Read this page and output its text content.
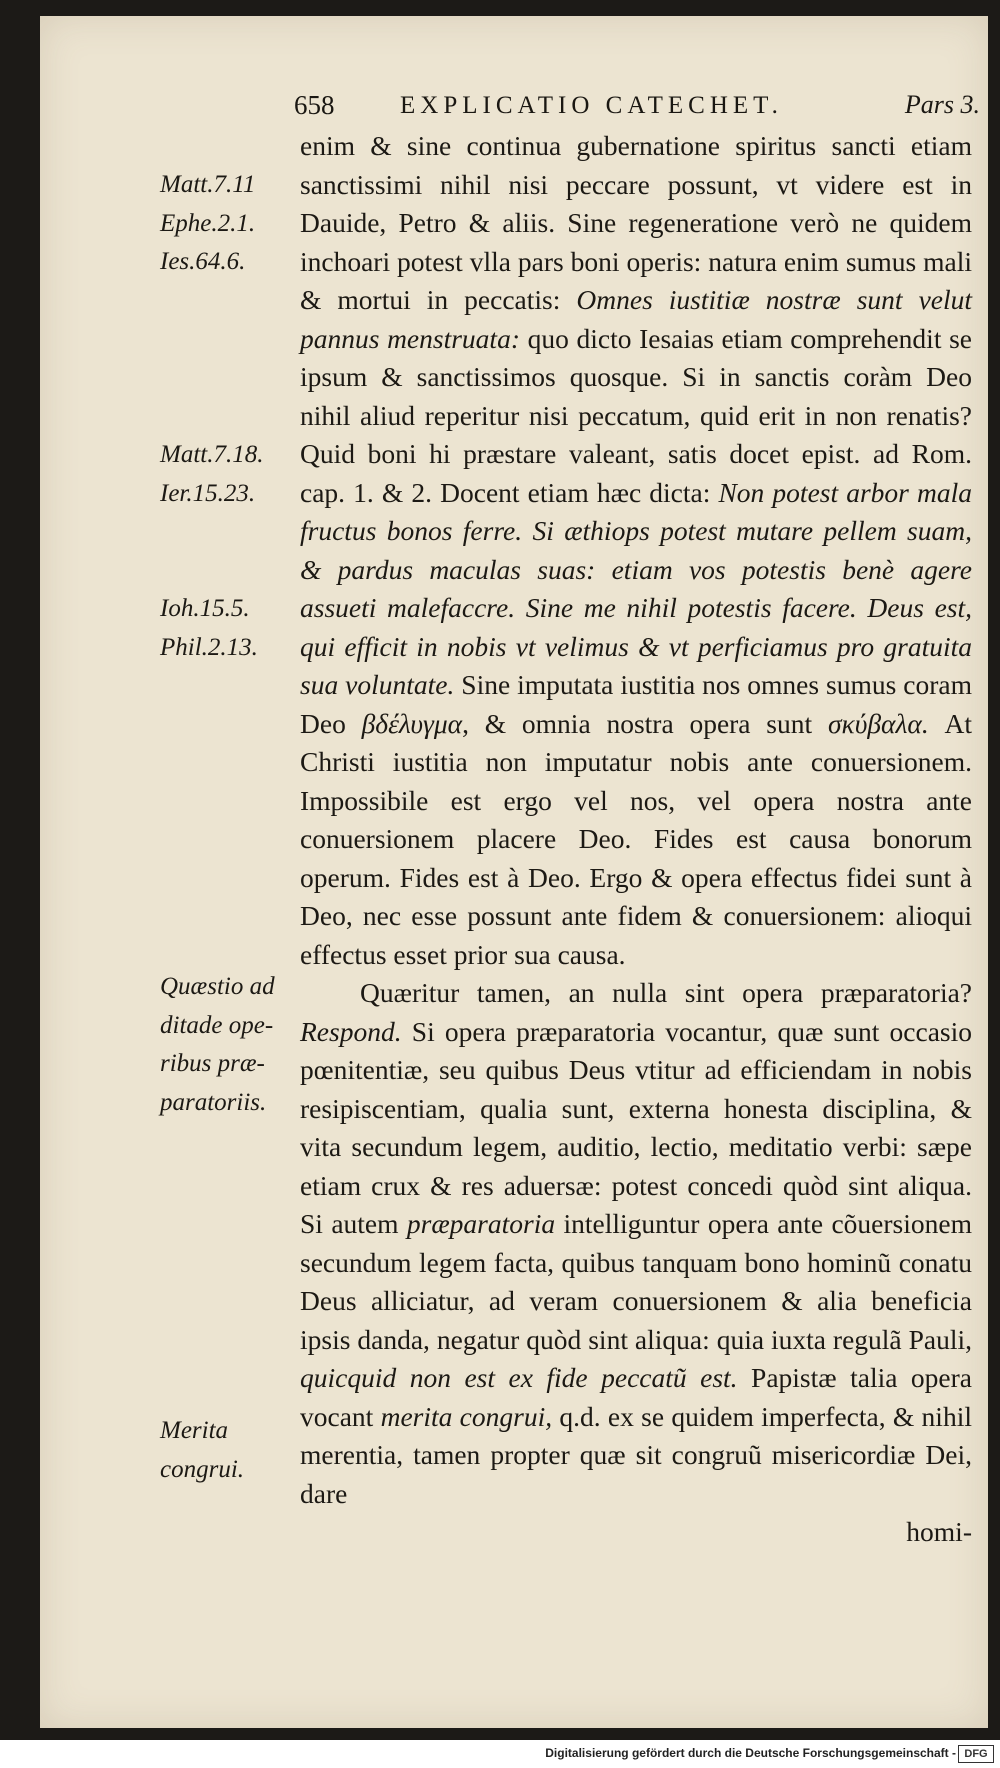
658	EXPLICATIO CATECHET.	Pars 3.
Matt.7.11
Ephe.2.1.
Ies.64.6.
Matt.7.18.
Ier.15.23.
Ioh.15.5.
Phil.2.13.
Quæstio ad
ditade ope-
ribus præ-
paratoriis.
Merita
congrui.

enim & sine continua gubernatione spiritus sancti etiam sanctissimi nihil nisi peccare possunt, vt videre est in Dauide, Petro & aliis. Sine regeneratione verò ne quidem inchoari potest vlla pars boni operis: natura enim sumus mali & mortui in peccatis: Omnes iustitiæ nostræ sunt velut pannus menstruata: quo dicto Iesaias etiam comprehendit se ipsum & sanctissimos quosque. Si in sanctis coràm Deo nihil aliud reperitur nisi peccatum, quid erit in non renatis? Quid boni hi præstare valeant, satis docet epist. ad Rom. cap. 1. & 2. Docent etiam hæc dicta: Non potest arbor mala fructus bonos ferre. Si æthiops potest mutare pellem suam, & pardus maculas suas: etiam vos potestis benè agere assueti malefaccre. Sine me nihil potestis facere. Deus est, qui efficit in nobis vt velimus & vt perficiamus pro gratuita sua voluntate. Sine imputata iustitia nos omnes sumus coram Deo βδέλυγμα, & omnia nostra opera sunt σκύβαλα. At Christi iustitia non imputatur nobis ante conuersionem. Impossibile est ergo vel nos, vel opera nostra ante conuersionem placere Deo. Fides est causa bonorum operum. Fides est à Deo. Ergo & opera effectus fidei sunt à Deo, nec esse possunt ante fidem & conuersionem: alioqui effectus esset prior sua causa.

Quæritur tamen, an nulla sint opera præparatoria? Respond. Si opera præparatoria vocantur, quæ sunt occasio pœnitentiæ, seu quibus Deus vtitur ad efficiendam in nobis resipiscentiam, qualia sunt, externa honesta disciplina, & vita secundum legem, auditio, lectio, meditatio verbi: sæpe etiam crux & res aduersæ: potest concedi quòd sint aliqua. Si autem præparatoria intelliguntur opera ante cõuersionem secundum legem facta, quibus tanquam bono hominũ conatu Deus alliciatur, ad veram conuersionem & alia beneficia ipsis danda, negatur quòd sint aliqua: quia iuxta regulã Pauli, quicquid non est ex fide peccatũ est. Papistæ talia opera vocant merita congrui, q.d. ex se quidem imperfecta, & nihil merentia, tamen propter quæ sit congruũ misericordiæ Dei, dare

homi-

Digitalisierung gefördert durch die Deutsche Forschungsgemeinschaft - DFG
